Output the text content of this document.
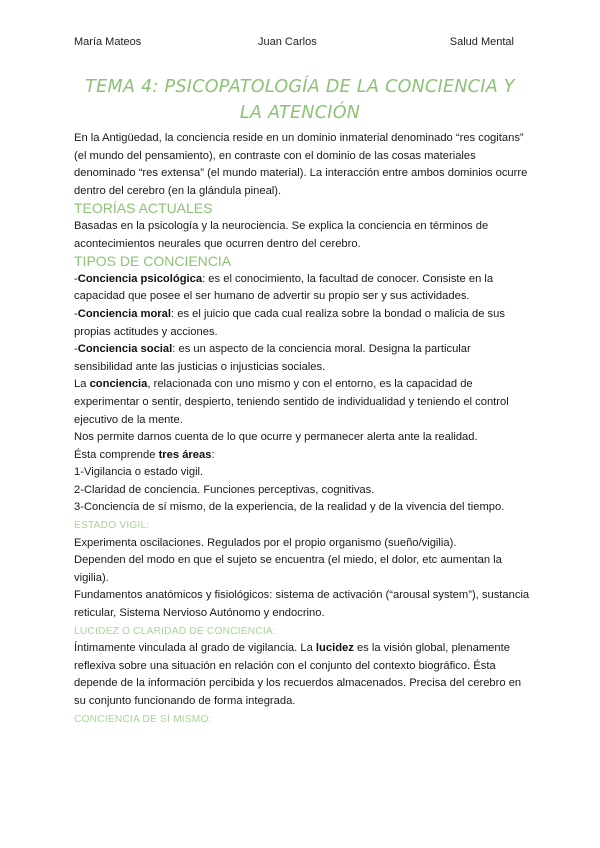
María Mateos	Juan Carlos	Salud Mental
TEMA 4: PSICOPATOLOGÍA DE LA CONCIENCIA Y LA ATENCIÓN

En la Antigüedad, la conciencia reside en un dominio inmaterial denominado “res cogitans” (el mundo del pensamiento), en contraste con el dominio de las cosas materiales denominado “res extensa” (el mundo material). La interacción entre ambos dominios ocurre dentro del cerebro (en la glándula pineal).

TEORÍAS ACTUALES

Basadas en la psicología y la neurociencia. Se explica la conciencia en términos de acontecimientos neurales que ocurren dentro del cerebro.

TIPOS DE CONCIENCIA

-Conciencia psicológica: es el conocimiento, la facultad de conocer. Consiste en la capacidad que posee el ser humano de advertir su propio ser y sus actividades.

-Conciencia moral: es el juicio que cada cual realiza sobre la bondad o malicia de sus propias actitudes y acciones.

-Conciencia social: es un aspecto de la conciencia moral. Designa la particular sensibilidad ante las justicias o injusticias sociales.

La conciencia, relacionada con uno mismo y con el entorno, es la capacidad de experimentar o sentir, despierto, teniendo sentido de individualidad y teniendo el control ejecutivo de la mente.

Nos permite darnos cuenta de lo que ocurre y permanecer alerta ante la realidad.

Ésta comprende tres áreas:

1-Vigilancia o estado vigil.

2-Claridad de conciencia. Funciones perceptivas, cognitivas.

3-Conciencia de sí mismo, de la experiencia, de la realidad y de la vivencia del tiempo.

ESTADO VIGIL:

Experimenta oscilaciones. Regulados por el propio organismo (sueño/vigilia).

Dependen del modo en que el sujeto se encuentra (el miedo, el dolor, etc aumentan la vigilia).

Fundamentos anatómicos y fisiológicos: sistema de activación (“arousal system”), sustancia reticular, Sistema Nervioso Autónomo y endocrino.

LUCIDEZ O CLARIDAD DE CONCIENCIA:

Íntimamente vinculada al grado de vigilancia. La lucidez es la visión global, plenamente reflexiva sobre una situación en relación con el conjunto del contexto biográfico. Ésta depende de la información percibida y los recuerdos almacenados. Precisa del cerebro en su conjunto funcionando de forma integrada.

CONCIENCIA DE SÍ MISMO:
